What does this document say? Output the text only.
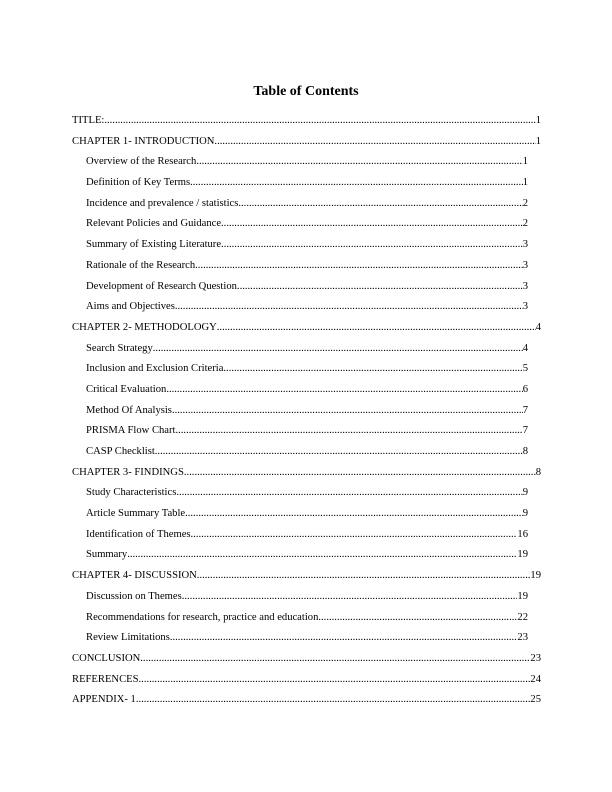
Table of Contents
TITLE: .....	1
CHAPTER 1- INTRODUCTION .....	1
Overview of the Research .....	1
Definition of Key Terms .....	1
Incidence and prevalence / statistics .....	2
Relevant Policies and Guidance .....	2
Summary of Existing Literature .....	3
Rationale of the Research .....	3
Development of Research Question .....	3
Aims and Objectives .....	3
CHAPTER 2- METHODOLOGY .....	4
Search Strategy .....	4
Inclusion and Exclusion Criteria .....	5
Critical Evaluation .....	6
Method Of Analysis .....	7
PRISMA Flow Chart .....	7
CASP Checklist .....	8
CHAPTER 3- FINDINGS .....	8
Study Characteristics .....	9
Article Summary Table .....	9
Identification of Themes .....	16
Summary .....	19
CHAPTER 4- DISCUSSION .....	19
Discussion on Themes .....	19
Recommendations for research, practice and education .....	22
Review Limitations .....	23
CONCLUSION .....	23
REFERENCES .....	24
APPENDIX- 1 .....	25
